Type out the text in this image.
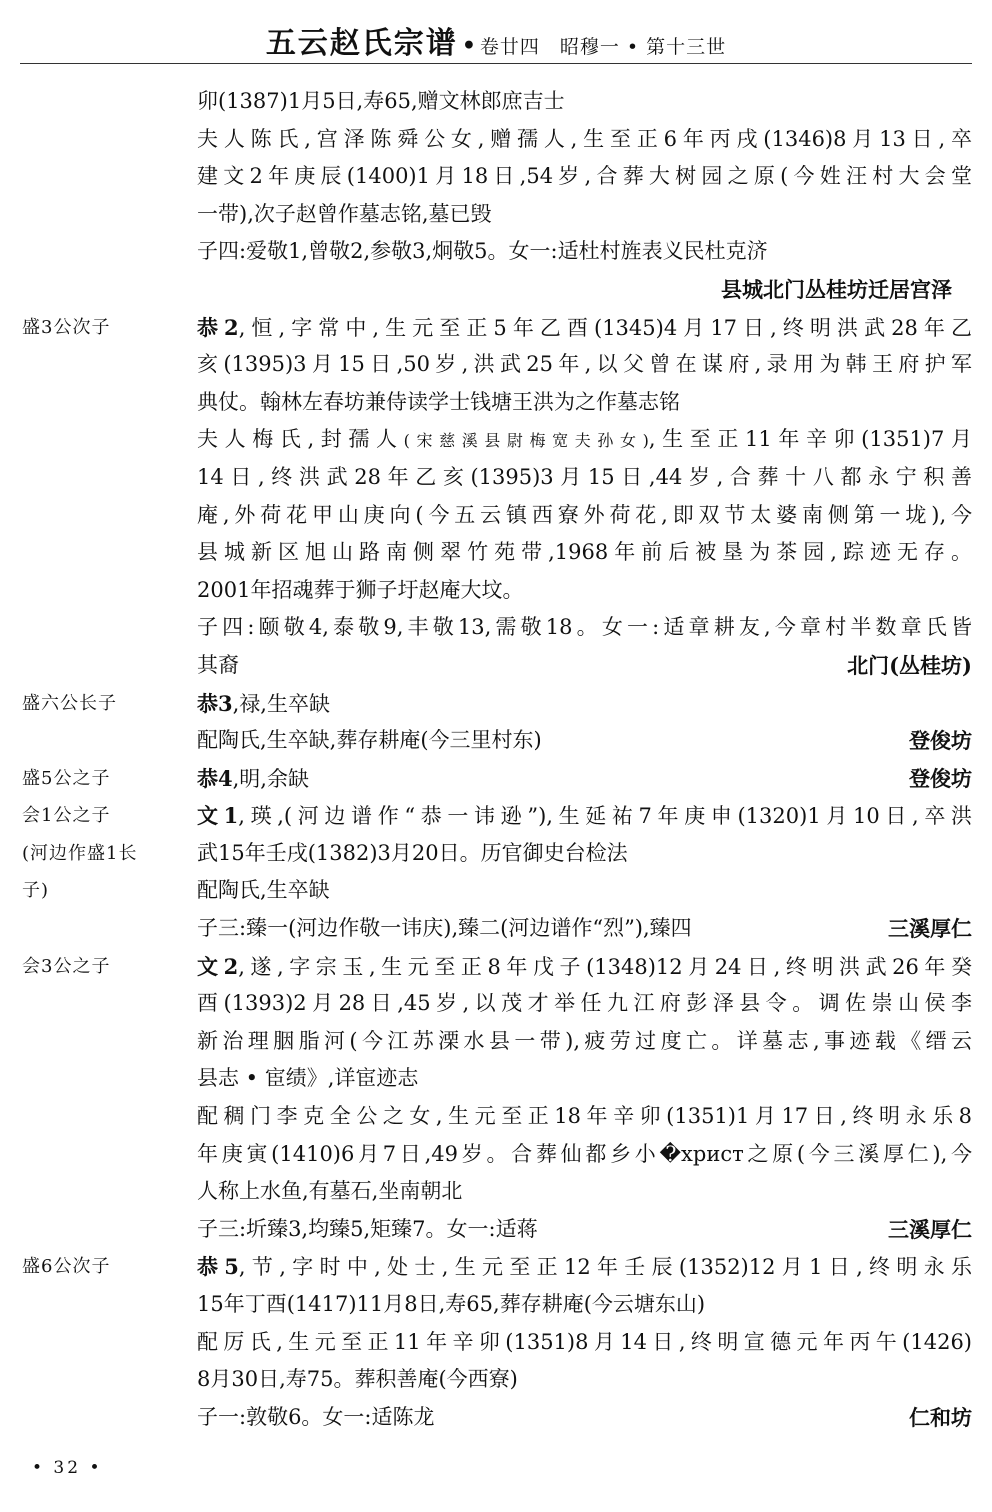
五云赵氏宗谱 • 卷廿四　昭穆一 • 第十三世
卯(1387)1月5日,寿65,赠文林郎庶吉士
夫人陈氏,宫泽陈舜公女,赠孺人,生至正6年丙戌(1346)8月13日,卒
建文2年庚辰(1400)1月18日,54岁,合葬大树园之原(今姓汪村大会堂
一带),次子赵曾作墓志铭,墓已毁
子四:爱敬1,曾敬2,参敬3,炯敬5。女一:适杜村旌表义民杜克济
县城北门丛桂坊迁居宫泽
盛3公次子	恭2,恒,字常中,生元至正5年乙酉(1345)4月17日,终明洪武28年乙
亥(1395)3月15日,50岁,洪武25年,以父曾在谋府,录用为韩王府护军
典仗。翰林左春坊兼侍读学士钱塘王洪为之作墓志铭
夫人梅氏,封孺人(宋慈溪县尉梅宽夫孙女),生至正11年辛卯(1351)7月
14日,终洪武28年乙亥(1395)3月15日,44岁,合葬十八都永宁积善
庵,外荷花甲山庚向(今五云镇西寮外荷花,即双节太婆南侧第一垅),今
县城新区旭山路南侧翠竹苑带,1968年前后被垦为茶园,踪迹无存。
2001年招魂葬于狮子圩赵庵大坟。
子四:颐敬4,泰敬9,丰敬13,需敬18。女一:适章耕友,今章村半数章氏皆
其裔	北门(丛桂坊)
盛六公长子	恭3,禄,生卒缺
配陶氏,生卒缺,葬存耕庵(今三里村东)	登俊坊
盛5公之子	恭4,明,余缺	登俊坊
会1公之子	文1,瑛,(河边谱作“恭一讳逊”),生延祐7年庚申(1320)1月10日,卒洪
(河边作盛1长	武15年壬戌(1382)3月20日。历官御史台检法
子)	配陶氏,生卒缺
子三:臻一(河边作敬一讳庆),臻二(河边谱作“烈”),臻四	三溪厚仁
会3公之子	文2,遂,字宗玉,生元至正8年戊子(1348)12月24日,终明洪武26年癸
酉(1393)2月28日,45岁,以茂才举任九江府彭泽县令。调佐崇山侯李
新治理胭脂河(今江苏溧水县一带),疲劳过度亡。详墓志,事迹载《缙云
县志 • 宦绩》,详宦迹志
配稠门李克全公之女,生元至正18年辛卯(1351)1月17日,终明永乐8
年庚寅(1410)6月7日,49岁。合葬仙都乡小�христ之原(今三溪厚仁),今
人称上水鱼,有墓石,坐南朝北
子三:圻臻3,均臻5,矩臻7。女一:适蒋	三溪厚仁
盛6公次子	恭5,节,字时中,处士,生元至正12年壬辰(1352)12月1日,终明永乐
15年丁酉(1417)11月8日,寿65,葬存耕庵(今云塘东山)
配厉氏,生元至正11年辛卯(1351)8月14日,终明宣德元年丙午(1426)
8月30日,寿75。葬积善庵(今西寮)
子一:敦敬6。女一:适陈龙	仁和坊
• 32 •
